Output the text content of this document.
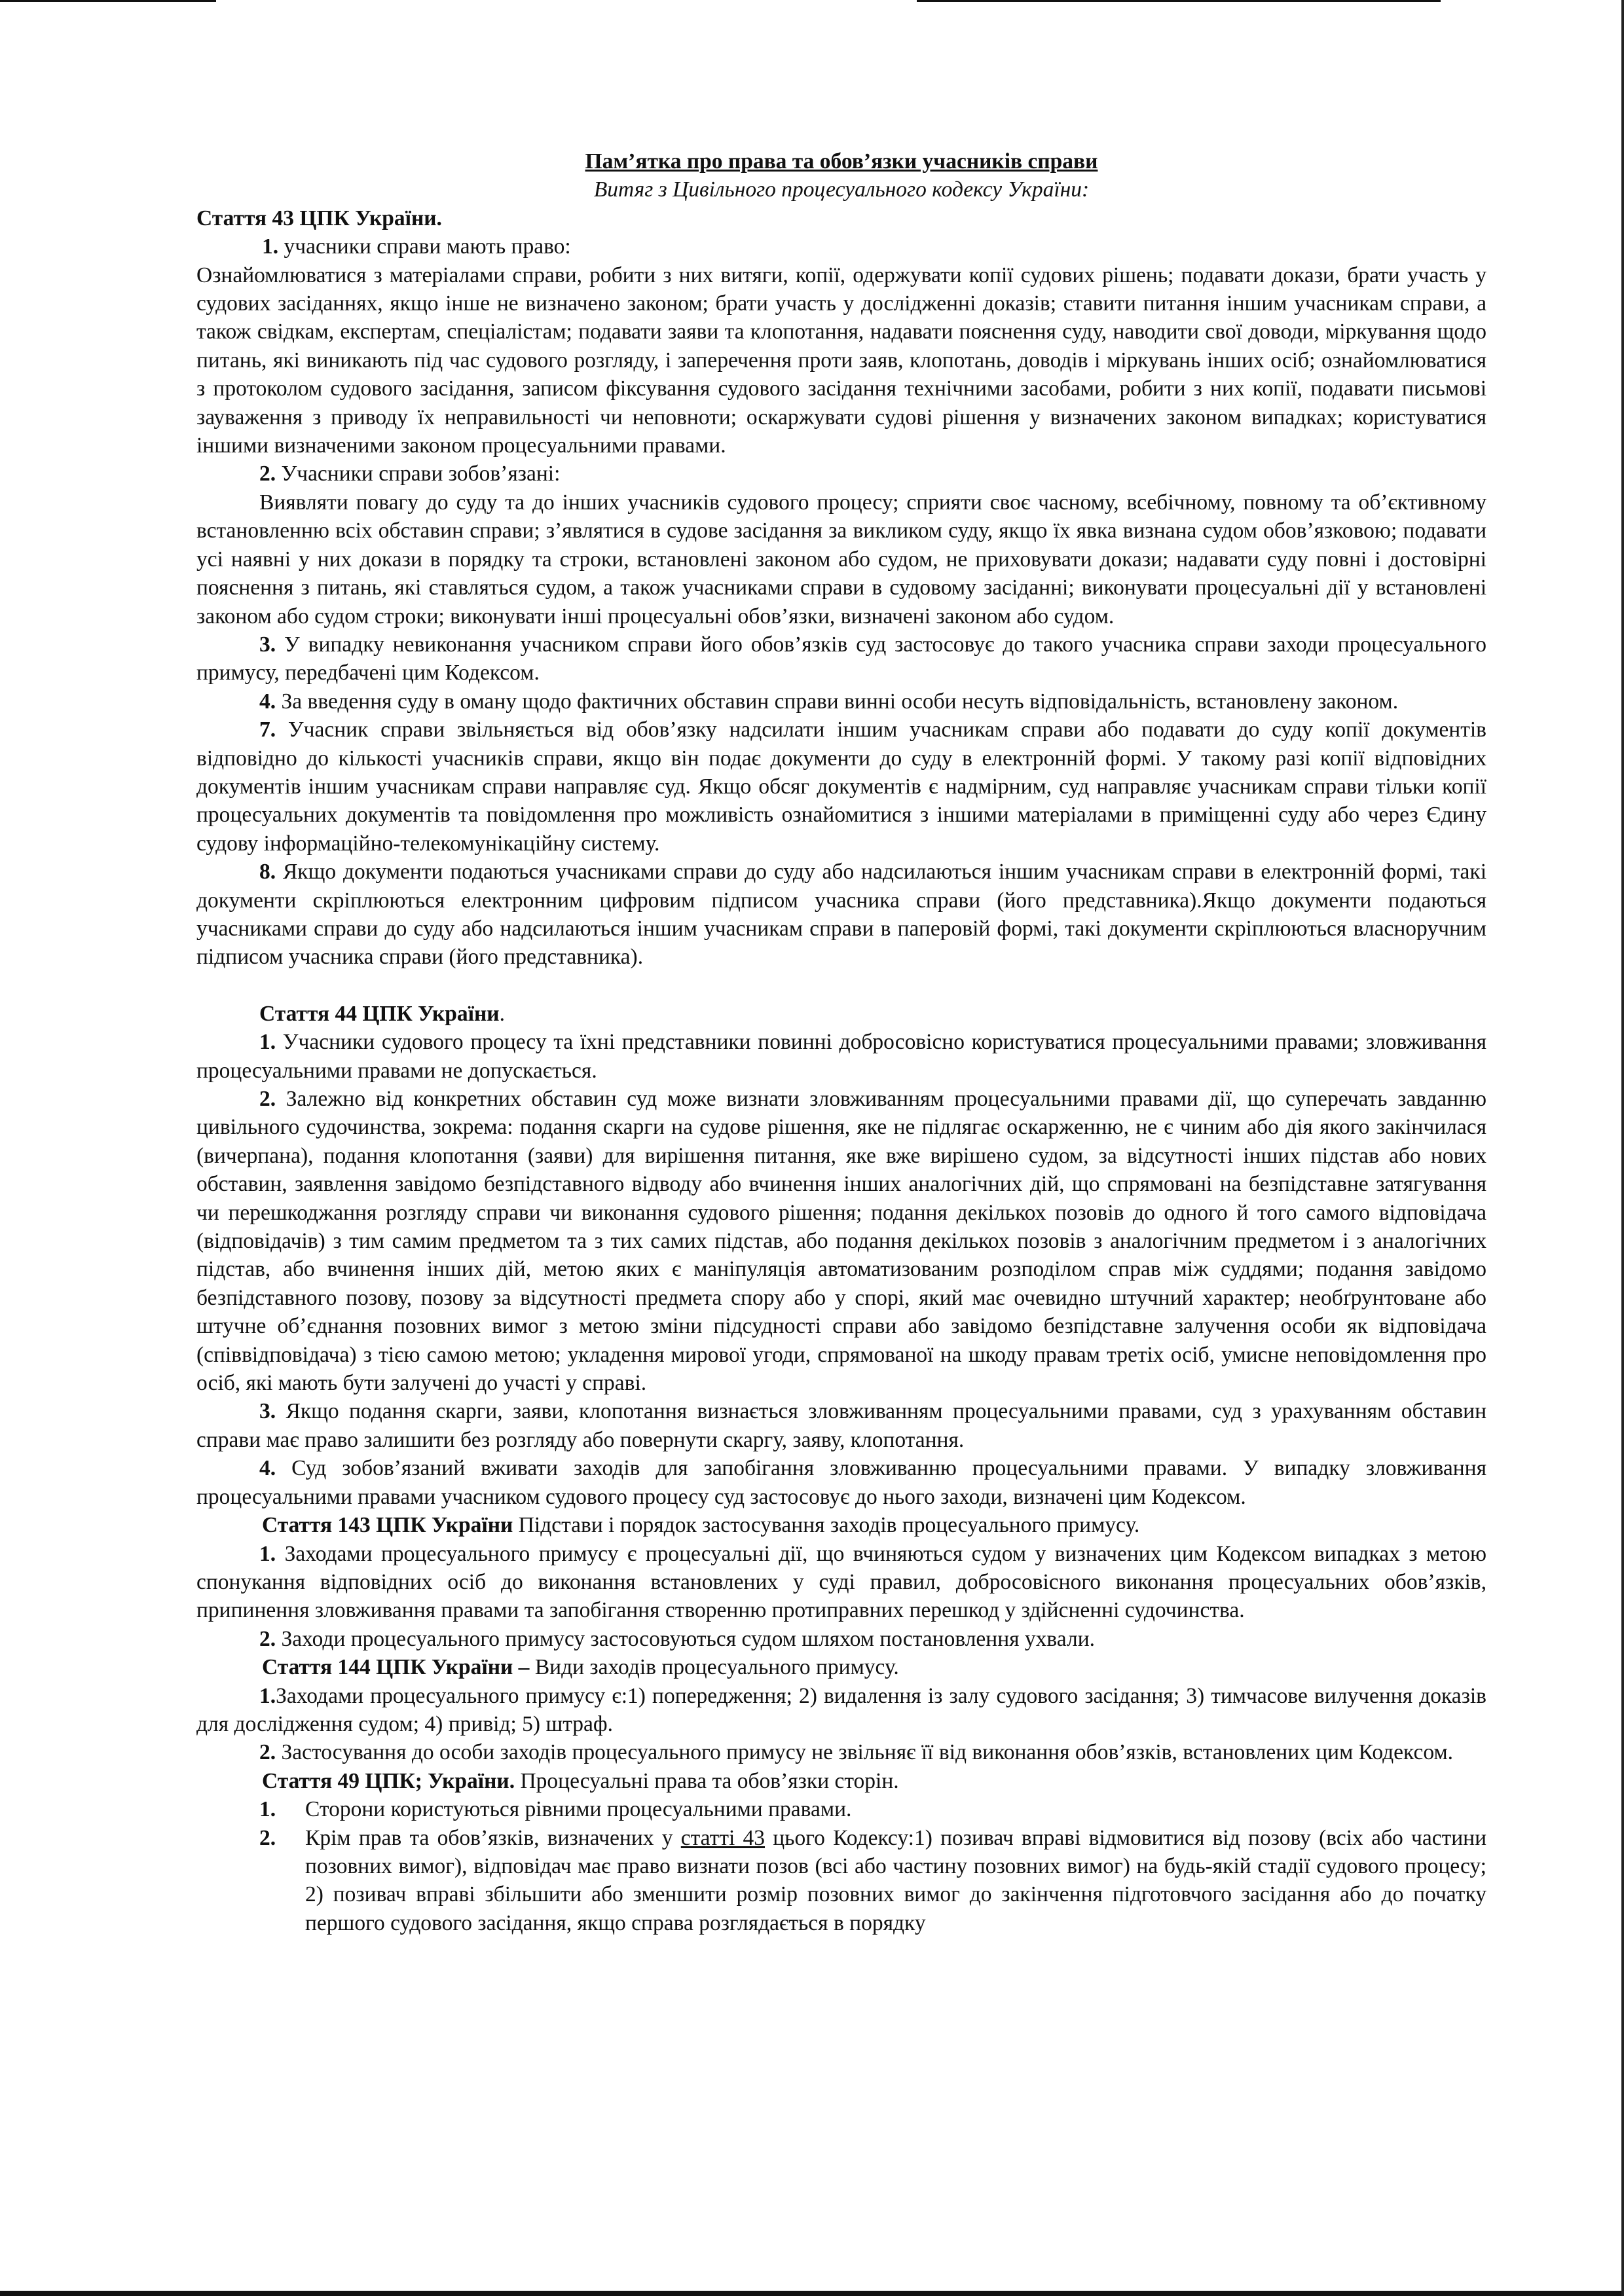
Пам’ятка про права та обов’язки учасників справи

Витяг з Цивільного процесуального кодексу України:

Стаття 43 ЦПК України.

1. учасники справи мають право:

Ознайомлюватися з матеріалами справи, робити з них витяги, копії, одержувати копії судових рішень; подавати докази, брати участь у судових засіданнях, якщо інше не визначено законом; брати участь у дослідженні доказів; ставити питання іншим учасникам справи, а також свідкам, експертам, спеціалістам; подавати заяви та клопотання, надавати пояснення суду, наводити свої доводи, міркування щодо питань, які виникають під час судового розгляду, і заперечення проти заяв, клопотань, доводів і міркувань інших осіб; ознайомлюватися з протоколом судового засідання, записом фіксування судового засідання технічними засобами, робити з них копії, подавати письмові зауваження з приводу їх неправильності чи неповноти; оскаржувати судові рішення у визначених законом випадках; користуватися іншими визначеними законом процесуальними правами.

2. Учасники справи зобов’язані:

Виявляти повагу до суду та до інших учасників судового процесу; сприяти своє часному, всебічному, повному та об’єктивному встановленню всіх обставин справи; з’являтися в судове засідання за викликом суду, якщо їх явка визнана судом обов’язковою; подавати усі наявні у них докази в порядку та строки, встановлені законом або судом, не приховувати докази; надавати суду повні і достовірні пояснення з питань, які ставляться судом, а також учасниками справи в судовому засіданні; виконувати процесуальні дії у встановлені законом або судом строки; виконувати інші процесуальні обов’язки, визначені законом або судом.

3. У випадку невиконання учасником справи його обов’язків суд застосовує до такого учасника справи заходи процесуального примусу, передбачені цим Кодексом.

4. За введення суду в оману щодо фактичних обставин справи винні особи несуть відповідальність, встановлену законом.

7. Учасник справи звільняється від обов’язку надсилати іншим учасникам справи або подавати до суду копії документів відповідно до кількості учасників справи, якщо він подає документи до суду в електронній формі. У такому разі копії відповідних документів іншим учасникам справи направляє суд. Якщо обсяг документів є надмірним, суд направляє учасникам справи тільки копії процесуальних документів та повідомлення про можливість ознайомитися з іншими матеріалами в приміщенні суду або через Єдину судову інформаційно-телекомунікаційну систему.

8. Якщо документи подаються учасниками справи до суду або надсилаються іншим учасникам справи в електронній формі, такі документи скріплюються електронним цифровим підписом учасника справи (його представника).Якщо документи подаються учасниками справи до суду або надсилаються іншим учасникам справи в паперовій формі, такі документи скріплюються власноручним підписом учасника справи (його представника).

Стаття 44 ЦПК України.

1. Учасники судового процесу та їхні представники повинні добросовісно користуватися процесуальними правами; зловживання процесуальними правами не допускається.

2. Залежно від конкретних обставин суд може визнати зловживанням процесуальними правами дії, що суперечать завданню цивільного судочинства, зокрема: подання скарги на судове рішення, яке не підлягає оскарженню, не є чиним або дія якого закінчилася (вичерпана), подання клопотання (заяви) для вирішення питання, яке вже вирішено судом, за відсутності інших підстав або нових обставин, заявлення завідомо безпідставного відводу або вчинення інших аналогічних дій, що спрямовані на безпідставне затягування чи перешкоджання розгляду справи чи виконання судового рішення; подання декількох позовів до одного й того самого відповідача (відповідачів) з тим самим предметом та з тих самих підстав, або подання декількох позовів з аналогічним предметом і з аналогічних підстав, або вчинення інших дій, метою яких є маніпуляція автоматизованим розподілом справ між суддями; подання завідомо безпідставного позову, позову за відсутності предмета спору або у спорі, який має очевидно штучний характер; необґрунтоване або штучне об’єднання позовних вимог з метою зміни підсудності справи або завідомо безпідставне залучення особи як відповідача (співвідповідача) з тією самою метою; укладення мирової угоди, спрямованої на шкоду правам третіх осіб, умисне неповідомлення про осіб, які мають бути залучені до участі у справі.

3. Якщо подання скарги, заяви, клопотання визнається зловживанням процесуальними правами, суд з урахуванням обставин справи має право залишити без розгляду або повернути скаргу, заяву, клопотання.

4. Суд зобов’язаний вживати заходів для запобігання зловживанню процесуальними правами. У випадку зловживання процесуальними правами учасником судового процесу суд застосовує до нього заходи, визначені цим Кодексом.

Стаття 143 ЦПК України Підстави і порядок застосування заходів процесуального примусу.

1. Заходами процесуального примусу є процесуальні дії, що вчиняються судом у визначених цим Кодексом випадках з метою спонукання відповідних осіб до виконання встановлених у суді правил, добросовісного виконання процесуальних обов’язків, припинення зловживання правами та запобігання створенню протиправних перешкод у здійсненні судочинства.

2. Заходи процесуального примусу застосовуються судом шляхом постановлення ухвали.

Стаття 144 ЦПК України – Види заходів процесуального примусу.

1.Заходами процесуального примусу є:1) попередження; 2) видалення із залу судового засідання; 3) тимчасове вилучення доказів для дослідження судом; 4) привід; 5) штраф.

2. Застосування до особи заходів процесуального примусу не звільняє її від виконання обов’язків, встановлених цим Кодексом.

Стаття 49 ЦПК; України. Процесуальні права та обов’язки сторін.

1.	Сторони користуються рівними процесуальними правами.
2.	Крім прав та обов’язків, визначених у статті 43 цього Кодексу:1) позивач вправі відмовитися від позову (всіх або частини позовних вимог), відповідач має право визнати позов (всі або частину позовних вимог) на будь-якій стадії судового процесу; 2) позивач вправі збільшити або зменшити розмір позовних вимог до закінчення підготовчого засідання або до початку першого судового засідання, якщо справа розглядається в порядку
